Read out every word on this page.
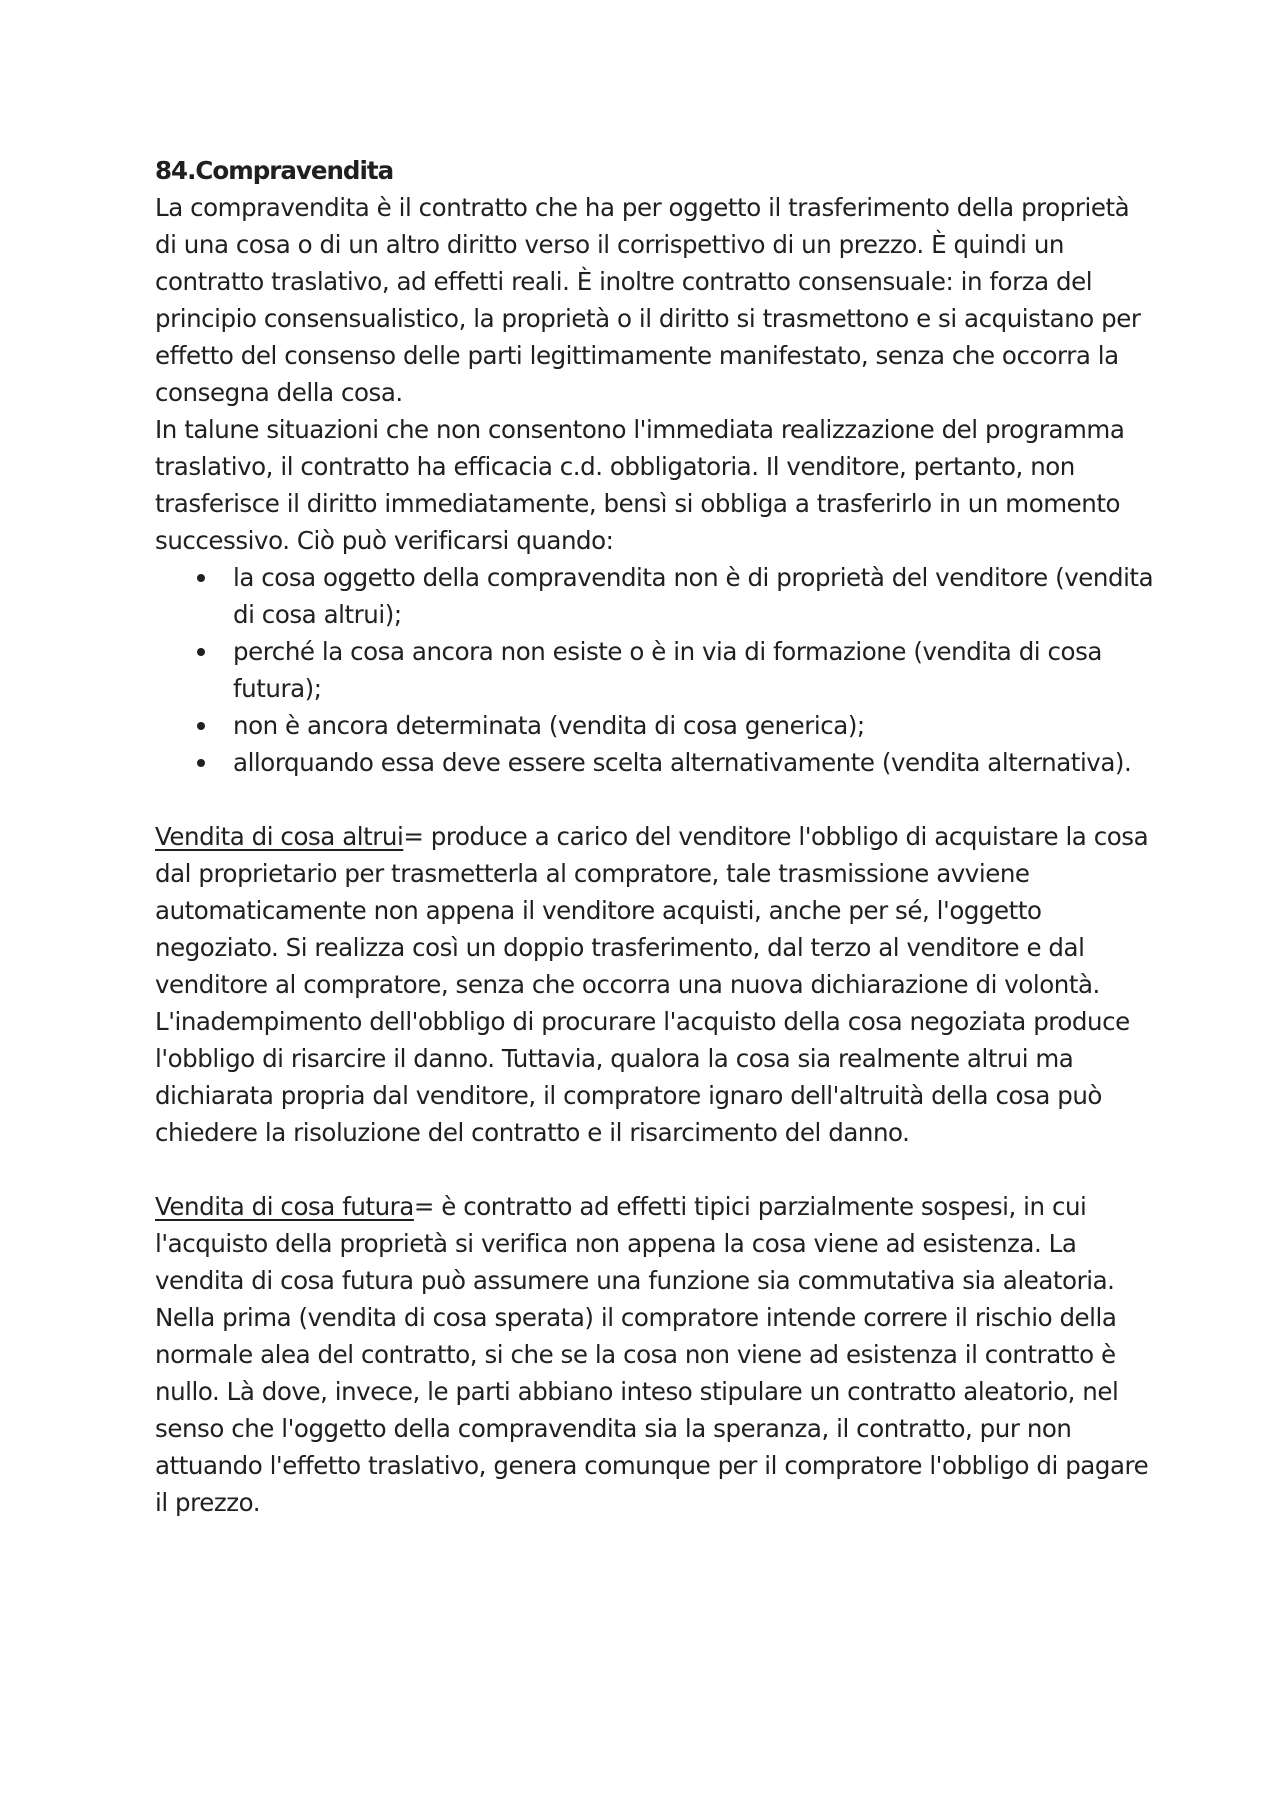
84.Compravendita

La compravendita è il contratto che ha per oggetto il trasferimento della proprietà di una cosa o di un altro diritto verso il corrispettivo di un prezzo. È quindi un contratto traslativo, ad effetti reali. È inoltre contratto consensuale: in forza del principio consensualistico, la proprietà o il diritto si trasmettono e si acquistano per effetto del consenso delle parti legittimamente manifestato, senza che occorra la consegna della cosa.

In talune situazioni che non consentono l'immediata realizzazione del programma traslativo, il contratto ha efficacia c.d. obbligatoria. Il venditore, pertanto, non trasferisce il diritto immediatamente, bensì si obbliga a trasferirlo in un momento successivo. Ciò può verificarsi quando:

la cosa oggetto della compravendita non è di proprietà del venditore (vendita di cosa altrui);
perché la cosa ancora non esiste o è in via di formazione (vendita di cosa futura);
non è ancora determinata (vendita di cosa generica);
allorquando essa deve essere scelta alternativamente (vendita alternativa).

Vendita di cosa altrui= produce a carico del venditore l'obbligo di acquistare la cosa dal proprietario per trasmetterla al compratore, tale trasmissione avviene automaticamente non appena il venditore acquisti, anche per sé, l'oggetto negoziato. Si realizza così un doppio trasferimento, dal terzo al venditore e dal venditore al compratore, senza che occorra una nuova dichiarazione di volontà.

L'inadempimento dell'obbligo di procurare l'acquisto della cosa negoziata produce l'obbligo di risarcire il danno. Tuttavia, qualora la cosa sia realmente altrui ma dichiarata propria dal venditore, il compratore ignaro dell'altruità della cosa può chiedere la risoluzione del contratto e il risarcimento del danno.

Vendita di cosa futura= è contratto ad effetti tipici parzialmente sospesi, in cui l'acquisto della proprietà si verifica non appena la cosa viene ad esistenza. La vendita di cosa futura può assumere una funzione sia commutativa sia aleatoria. Nella prima (vendita di cosa sperata) il compratore intende correre il rischio della normale alea del contratto, si che se la cosa non viene ad esistenza il contratto è nullo. Là dove, invece, le parti abbiano inteso stipulare un contratto aleatorio, nel senso che l'oggetto della compravendita sia la speranza, il contratto, pur non attuando l'effetto traslativo, genera comunque per il compratore l'obbligo di pagare il prezzo.
